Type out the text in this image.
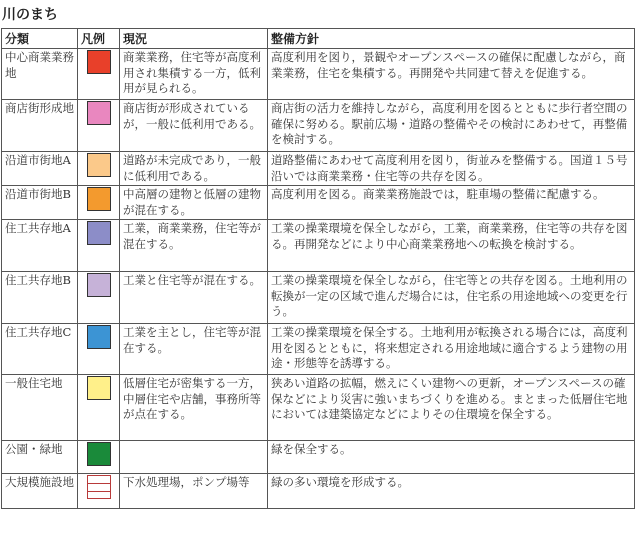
川のまち
分類	凡例	現況	整備方針
中心商業業務地		商業業務，住宅等が高度利用され集積する一方，低利用が見られる。	高度利用を図り，景観やオープンスペースの確保に配慮しながら，商業業務，住宅を集積する。再開発や共同建て替えを促進する。
商店街形成地		商店街が形成されているが，一般に低利用である。	商店街の活力を維持しながら，高度利用を図るとともに歩行者空間の確保に努める。駅前広場・道路の整備やその検討にあわせて，再整備を検討する。
沿道市街地A		道路が未完成であり，一般に低利用である。	道路整備にあわせて高度利用を図り，街並みを整備する。国道１５号沿いでは商業業務・住宅等の共存を図る。
沿道市街地B		中高層の建物と低層の建物が混在する。	高度利用を図る。商業業務施設では，駐車場の整備に配慮する。
住工共存地A		工業，商業業務，住宅等が混在する。	工業の操業環境を保全しながら，工業，商業業務，住宅等の共存を図る。再開発などにより中心商業業務地への転換を検討する。
住工共存地B		工業と住宅等が混在する。	工業の操業環境を保全しながら，住宅等との共存を図る。土地利用の転換が一定の区域で進んだ場合には，住宅系の用途地域への変更を行う。
住工共存地C		工業を主とし，住宅等が混在する。	工業の操業環境を保全する。土地利用が転換される場合には，高度利用を図るとともに，将来想定される用途地域に適合するよう建物の用途・形態等を誘導する。
一般住宅地		低層住宅が密集する一方，中層住宅や店舗，事務所等が点在する。	狭あい道路の拡幅，燃えにくい建物への更新，オープンスペースの確保などにより災害に強いまちづくりを進める。まとまった低層住宅地においては建築協定などによりその住環境を保全する。
公園・緑地			緑を保全する。
大規模施設地		下水処理場，ポンプ場等	緑の多い環境を形成する。
